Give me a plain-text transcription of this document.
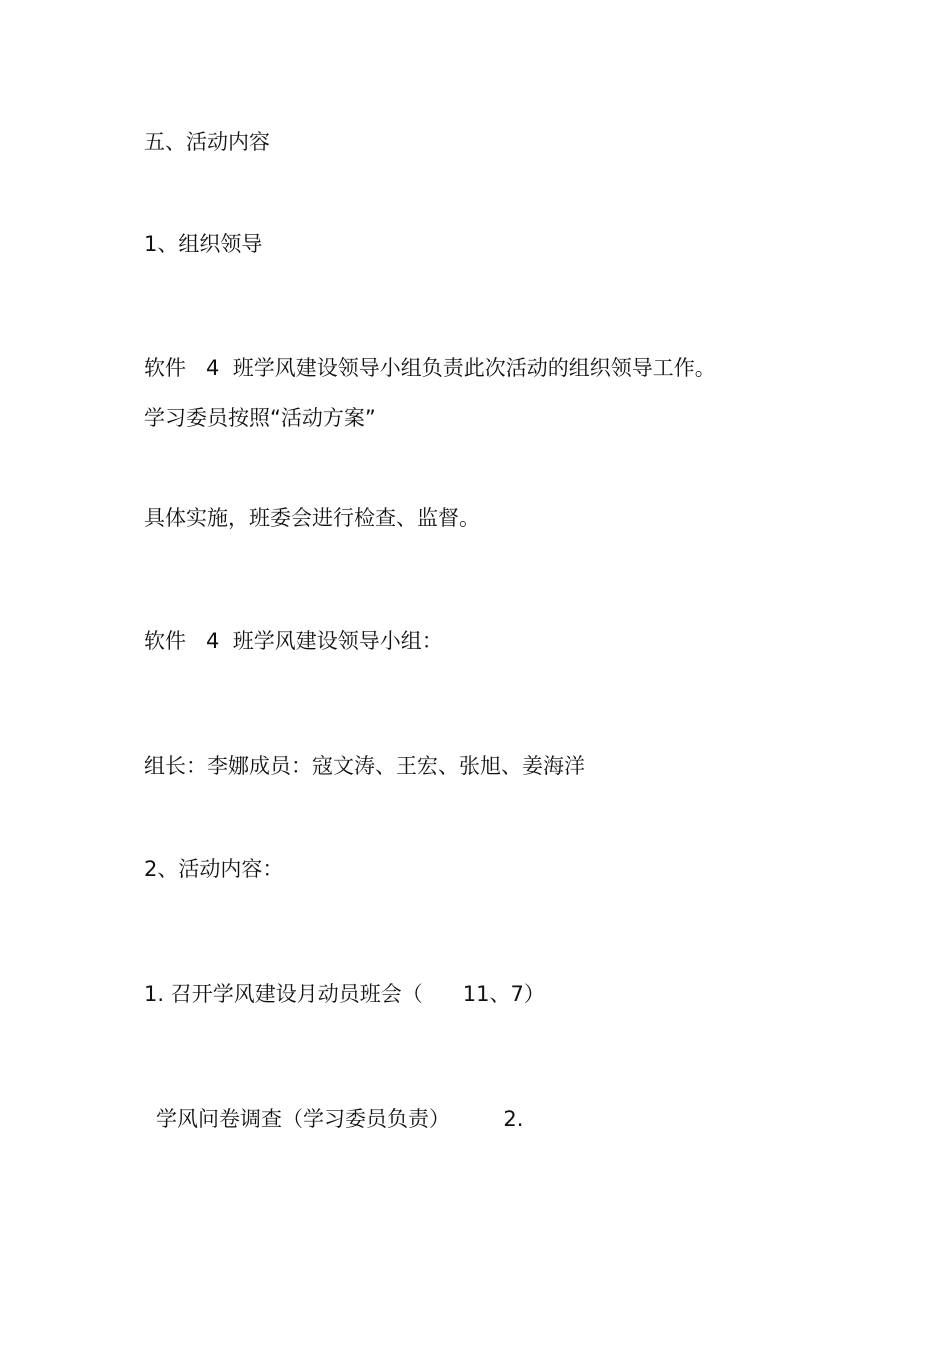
五、活动内容
1、组织领导
软件   4  班学风建设领导小组负责此次活动的组织领导工作。
学习委员按照“活动方案”
具体实施，班委会进行检查、监督。
软件   4  班学风建设领导小组：
组长：李娜成员：寇文涛、王宏、张旭、姜海洋
2、活动内容：
1. 召开学风建设月动员班会（      11、7）
学风问卷调查（学习委员负责）        2.
